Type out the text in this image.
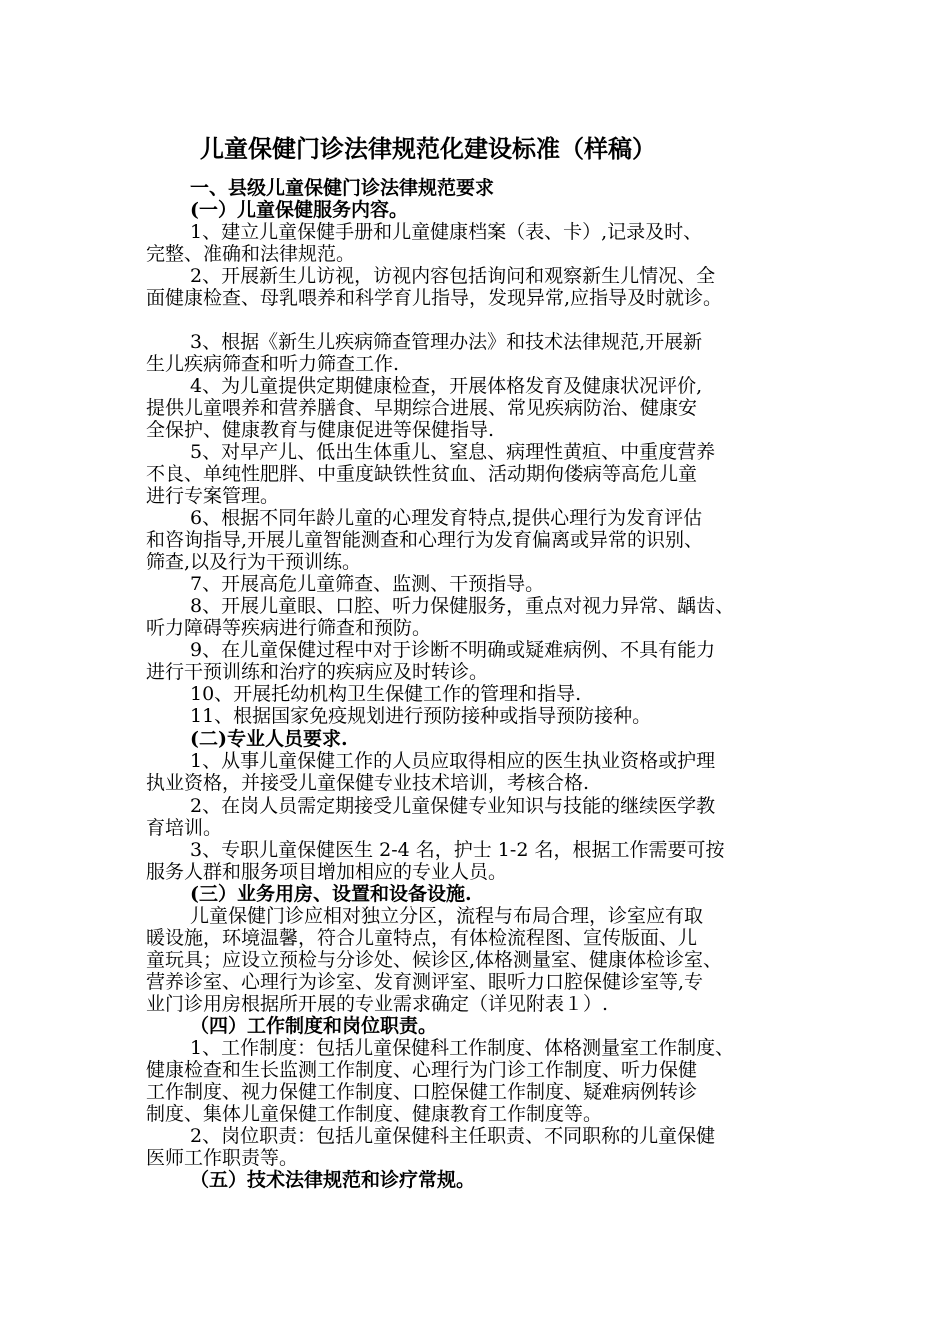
儿童保健门诊法律规范化建设标准（样稿）
一、县级儿童保健门诊法律规范要求
(一）儿童保健服务内容。
1、建立儿童保健手册和儿童健康档案（表、卡）,记录及时、
完整、准确和法律规范。
2、开展新生儿访视，访视内容包括询问和观察新生儿情况、全
面健康检查、母乳喂养和科学育儿指导，发现异常,应指导及时就诊。
3、根据《新生儿疾病筛查管理办法》和技术法律规范,开展新
生儿疾病筛查和听力筛查工作.
4、为儿童提供定期健康检查，开展体格发育及健康状况评价,
提供儿童喂养和营养膳食、早期综合进展、常见疾病防治、健康安
全保护、健康教育与健康促进等保健指导.
5、对早产儿、低出生体重儿、窒息、病理性黄疸、中重度营养
不良、单纯性肥胖、中重度缺铁性贫血、活动期佝偻病等高危儿童
进行专案管理。
6、根据不同年龄儿童的心理发育特点,提供心理行为发育评估
和咨询指导,开展儿童智能测查和心理行为发育偏离或异常的识别、
筛查,以及行为干预训练。
7、开展高危儿童筛查、监测、干预指导。
8、开展儿童眼、口腔、听力保健服务，重点对视力异常、龋齿、
听力障碍等疾病进行筛查和预防。
9、在儿童保健过程中对于诊断不明确或疑难病例、不具有能力
进行干预训练和治疗的疾病应及时转诊。
10、开展托幼机构卫生保健工作的管理和指导.
11、根据国家免疫规划进行预防接种或指导预防接种。
(二)专业人员要求.
1、从事儿童保健工作的人员应取得相应的医生执业资格或护理
执业资格，并接受儿童保健专业技术培训，考核合格.
2、在岗人员需定期接受儿童保健专业知识与技能的继续医学教
育培训。
3、专职儿童保健医生 2-4 名，护士 1-2 名，根据工作需要可按
服务人群和服务项目增加相应的专业人员。
(三）业务用房、设置和设备设施.
儿童保健门诊应相对独立分区，流程与布局合理，诊室应有取
暖设施，环境温馨，符合儿童特点，有体检流程图、宣传版面、儿
童玩具；应设立预检与分诊处、候诊区,体格测量室、健康体检诊室、
营养诊室、心理行为诊室、发育测评室、眼听力口腔保健诊室等,专
业门诊用房根据所开展的专业需求确定（详见附表１）.
（四）工作制度和岗位职责。
1、工作制度：包括儿童保健科工作制度、体格测量室工作制度、
健康检查和生长监测工作制度、心理行为门诊工作制度、听力保健
工作制度、视力保健工作制度、口腔保健工作制度、疑难病例转诊
制度、集体儿童保健工作制度、健康教育工作制度等。
2、岗位职责：包括儿童保健科主任职责、不同职称的儿童保健
医师工作职责等。
（五）技术法律规范和诊疗常规。
